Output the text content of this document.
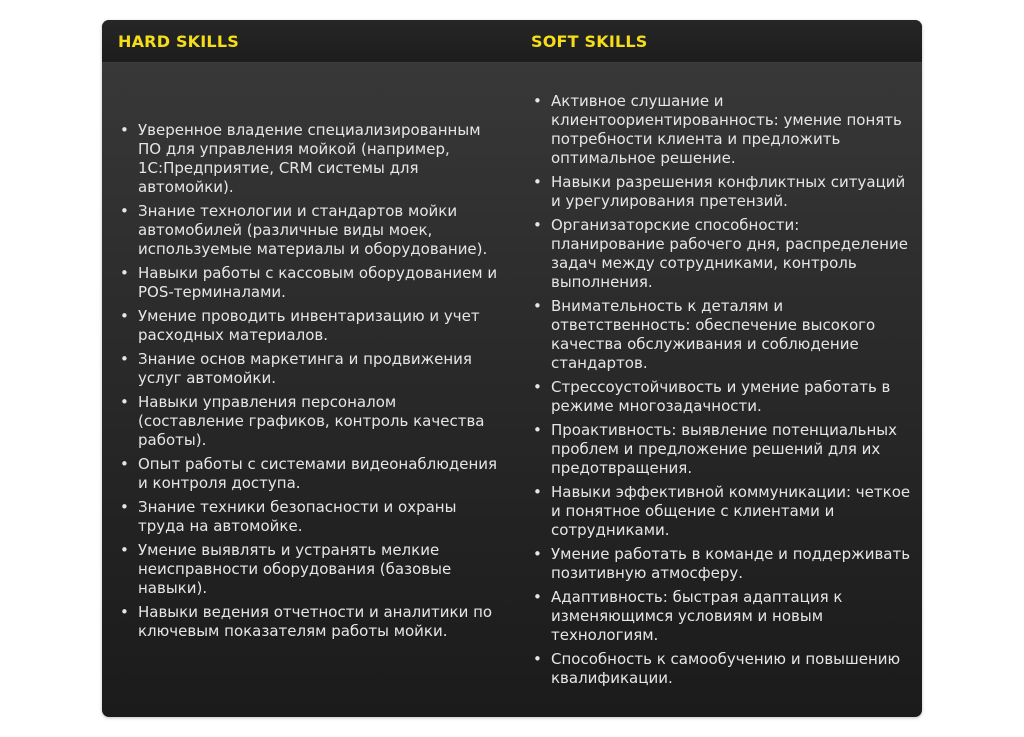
HARD SKILLS	SOFT SKILLS
• Уверенное владение специализированным ПО для управления мойкой (например, 1С:Предприятие, CRM системы для автомойки).
• Знание технологии и стандартов мойки автомобилей (различные виды моек, используемые материалы и оборудование).
• Навыки работы с кассовым оборудованием и POS-терминалами.
• Умение проводить инвентаризацию и учет расходных материалов.
• Знание основ маркетинга и продвижения услуг автомойки.
• Навыки управления персоналом (составление графиков, контроль качества работы).
• Опыт работы с системами видеонаблюдения и контроля доступа.
• Знание техники безопасности и охраны труда на автомойке.
• Умение выявлять и устранять мелкие неисправности оборудования (базовые навыки).
• Навыки ведения отчетности и аналитики по ключевым показателям работы мойки.
• Активное слушание и клиентоориентированность: умение понять потребности клиента и предложить оптимальное решение.
• Навыки разрешения конфликтных ситуаций и урегулирования претензий.
• Организаторские способности: планирование рабочего дня, распределение задач между сотрудниками, контроль выполнения.
• Внимательность к деталям и ответственность: обеспечение высокого качества обслуживания и соблюдение стандартов.
• Стрессоустойчивость и умение работать в режиме многозадачности.
• Проактивность: выявление потенциальных проблем и предложение решений для их предотвращения.
• Навыки эффективной коммуникации: четкое и понятное общение с клиентами и сотрудниками.
• Умение работать в команде и поддерживать позитивную атмосферу.
• Адаптивность: быстрая адаптация к изменяющимся условиям и новым технологиям.
• Способность к самообучению и повышению квалификации.
